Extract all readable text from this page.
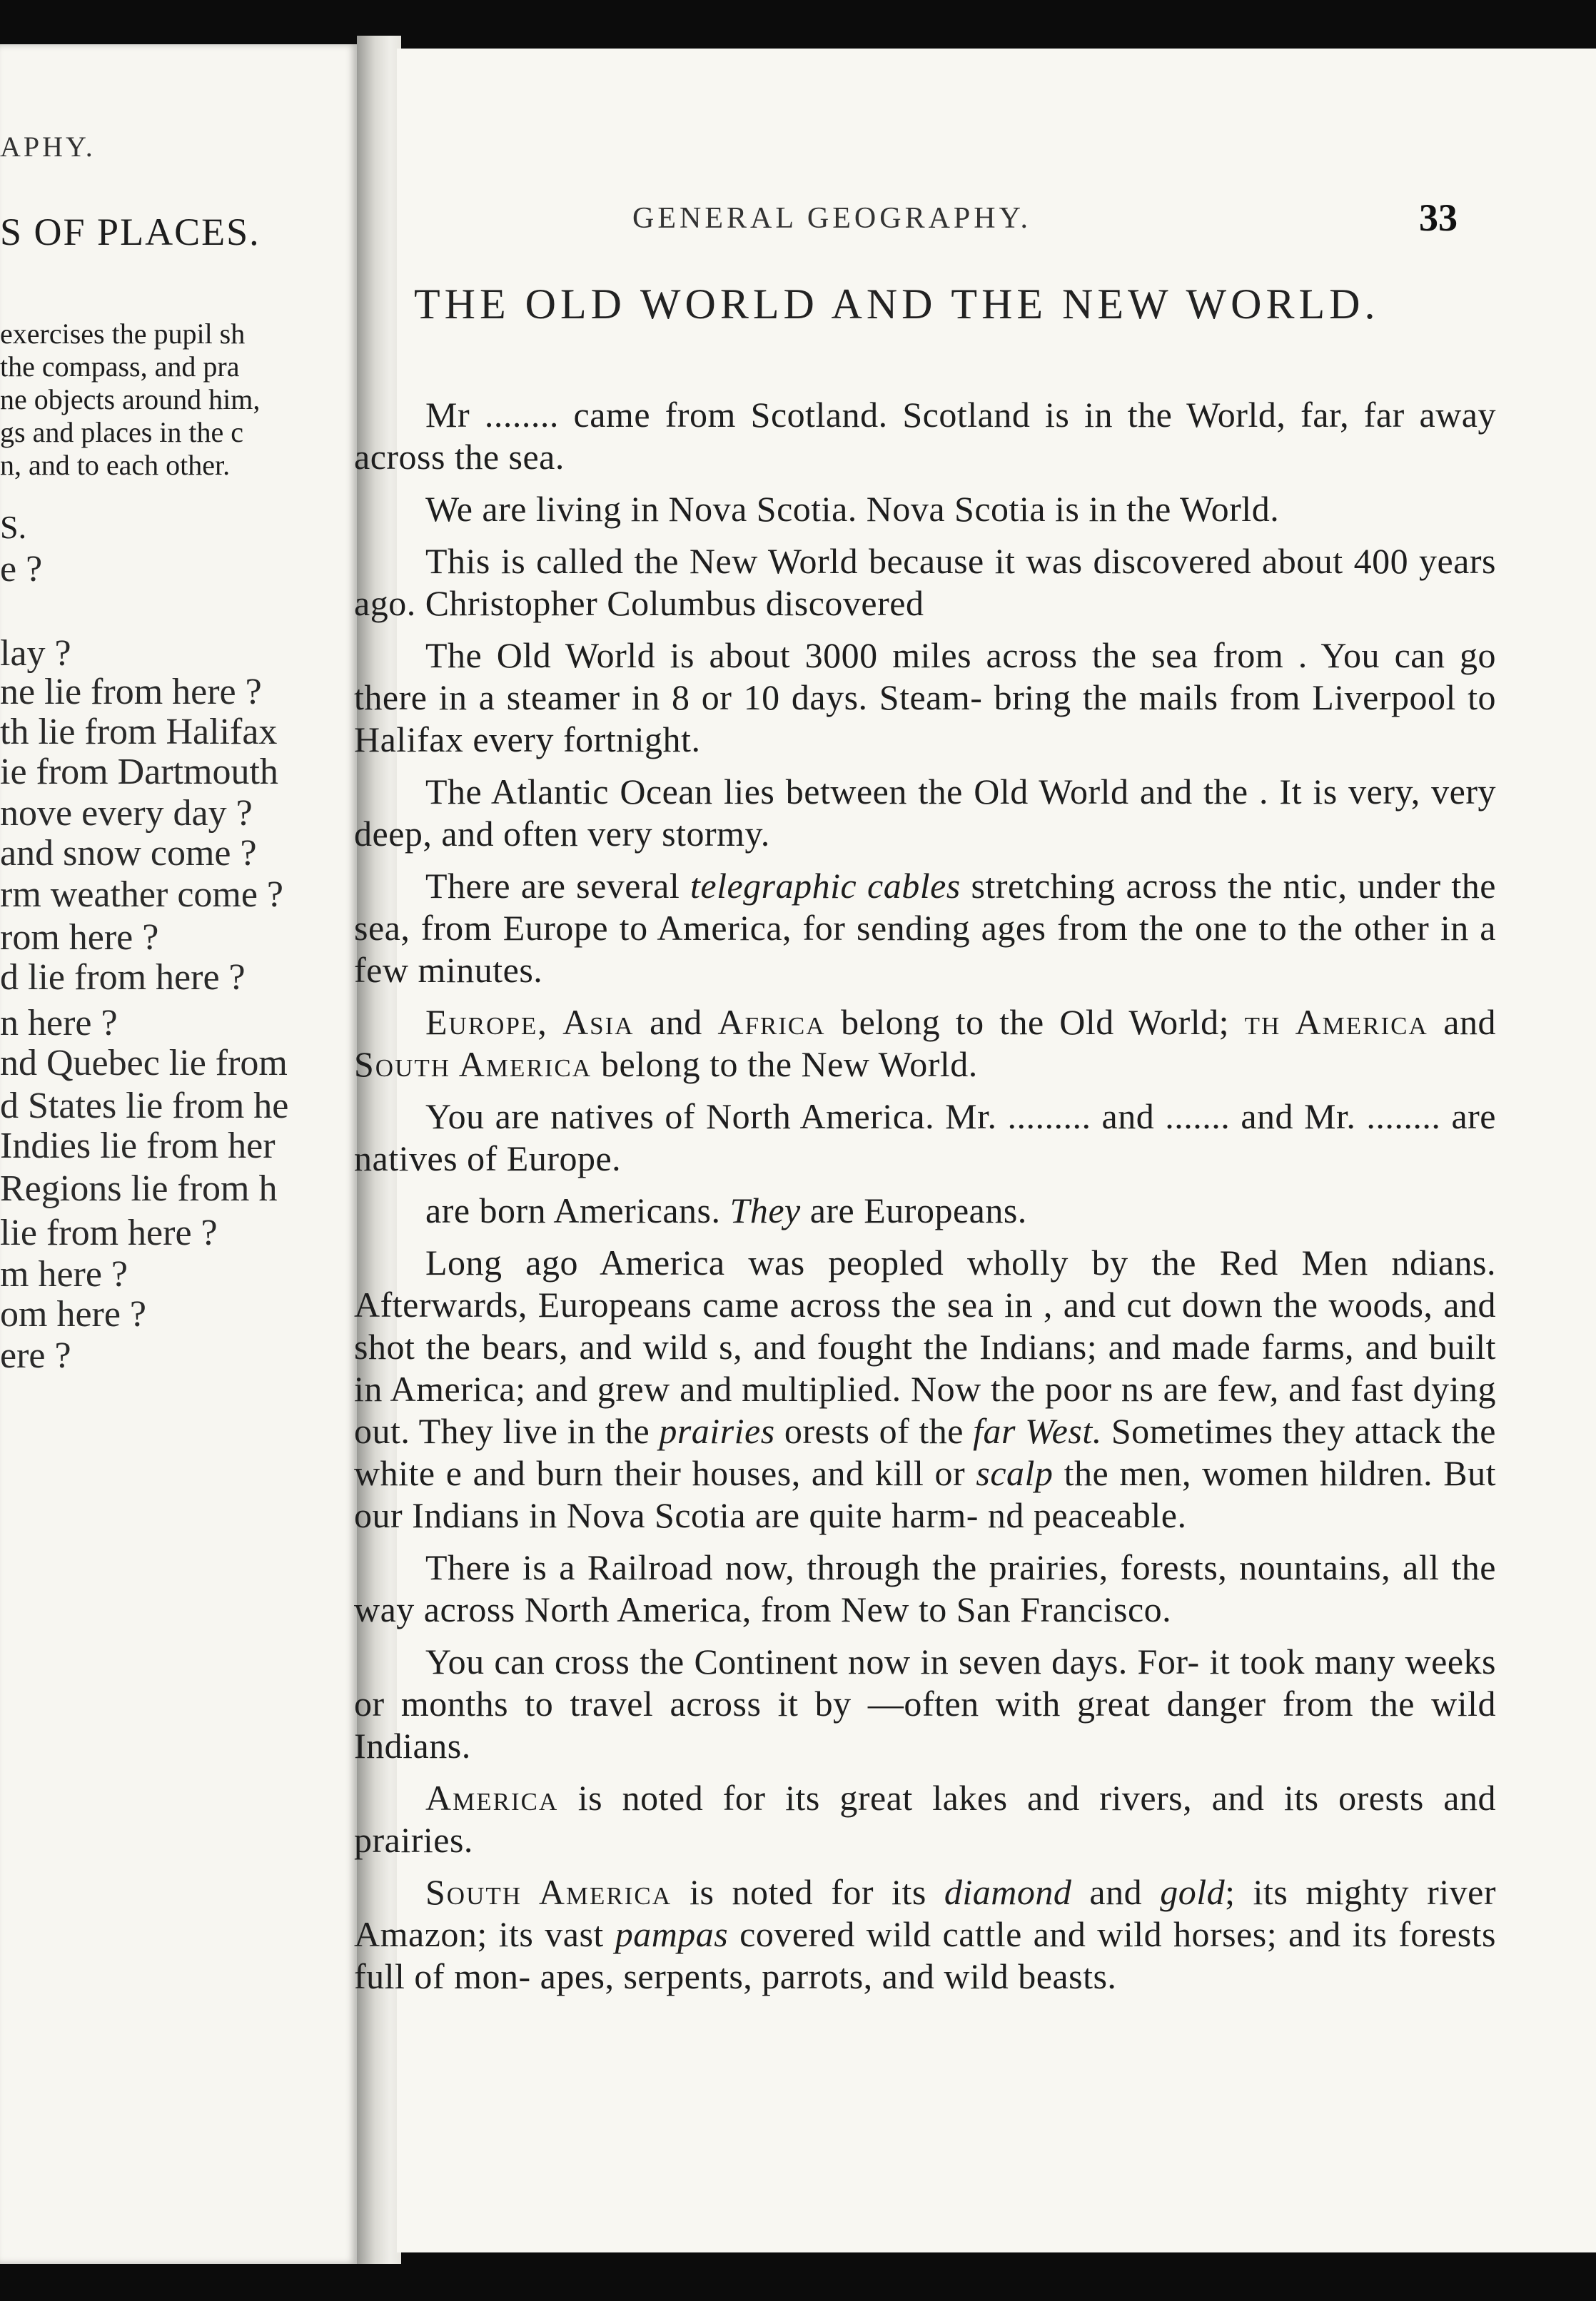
APHY.
S OF PLACES.
exercises the pupil sh
the compass, and pra
ne objects around him,
gs and places in the c
n, and to each other.
S.
e ?
lay ?
ne lie from here ?
th lie from Halifax
ie from Dartmouth
nove every day ?
and snow come ?
rm weather come ?
rom here ?
d lie from here ?
n here ?
nd Quebec lie from
d States lie from he
Indies lie from her
Regions lie from h
lie from here ?
m here ?
om here ?
ere ?
GENERAL GEOGRAPHY.	33
THE OLD WORLD AND THE NEW WORLD.

Mr ........ came from Scotland. Scotland is in the World, far, far away across the sea.

We are living in Nova Scotia. Nova Scotia is in the World.

This is called the New World because it was discovered about 400 years ago. Christopher Columbus discovered

The Old World is about 3000 miles across the sea from . You can go there in a steamer in 8 or 10 days. Steam- bring the mails from Liverpool to Halifax every fortnight.

The Atlantic Ocean lies between the Old World and the . It is very, very deep, and often very stormy.

There are several telegraphic cables stretching across the ntic, under the sea, from Europe to America, for sending ages from the one to the other in a few minutes.

Europe, Asia and Africa belong to the Old World; th America and South America belong to the New World.

You are natives of North America. Mr. ......... and ....... and Mr. ........ are natives of Europe.

are born Americans. They are Europeans.

Long ago America was peopled wholly by the Red Men ndians. Afterwards, Europeans came across the sea in , and cut down the woods, and shot the bears, and wild s, and fought the Indians; and made farms, and built in America; and grew and multiplied. Now the poor ns are few, and fast dying out. They live in the prairies orests of the far West. Sometimes they attack the white e and burn their houses, and kill or scalp the men, women hildren. But our Indians in Nova Scotia are quite harm- nd peaceable.

There is a Railroad now, through the prairies, forests, nountains, all the way across North America, from New to San Francisco.

You can cross the Continent now in seven days. For- it took many weeks or months to travel across it by —often with great danger from the wild Indians.

America is noted for its great lakes and rivers, and its orests and prairies.

South America is noted for its diamond and gold; its mighty river Amazon; its vast pampas covered wild cattle and wild horses; and its forests full of mon- apes, serpents, parrots, and wild beasts.
